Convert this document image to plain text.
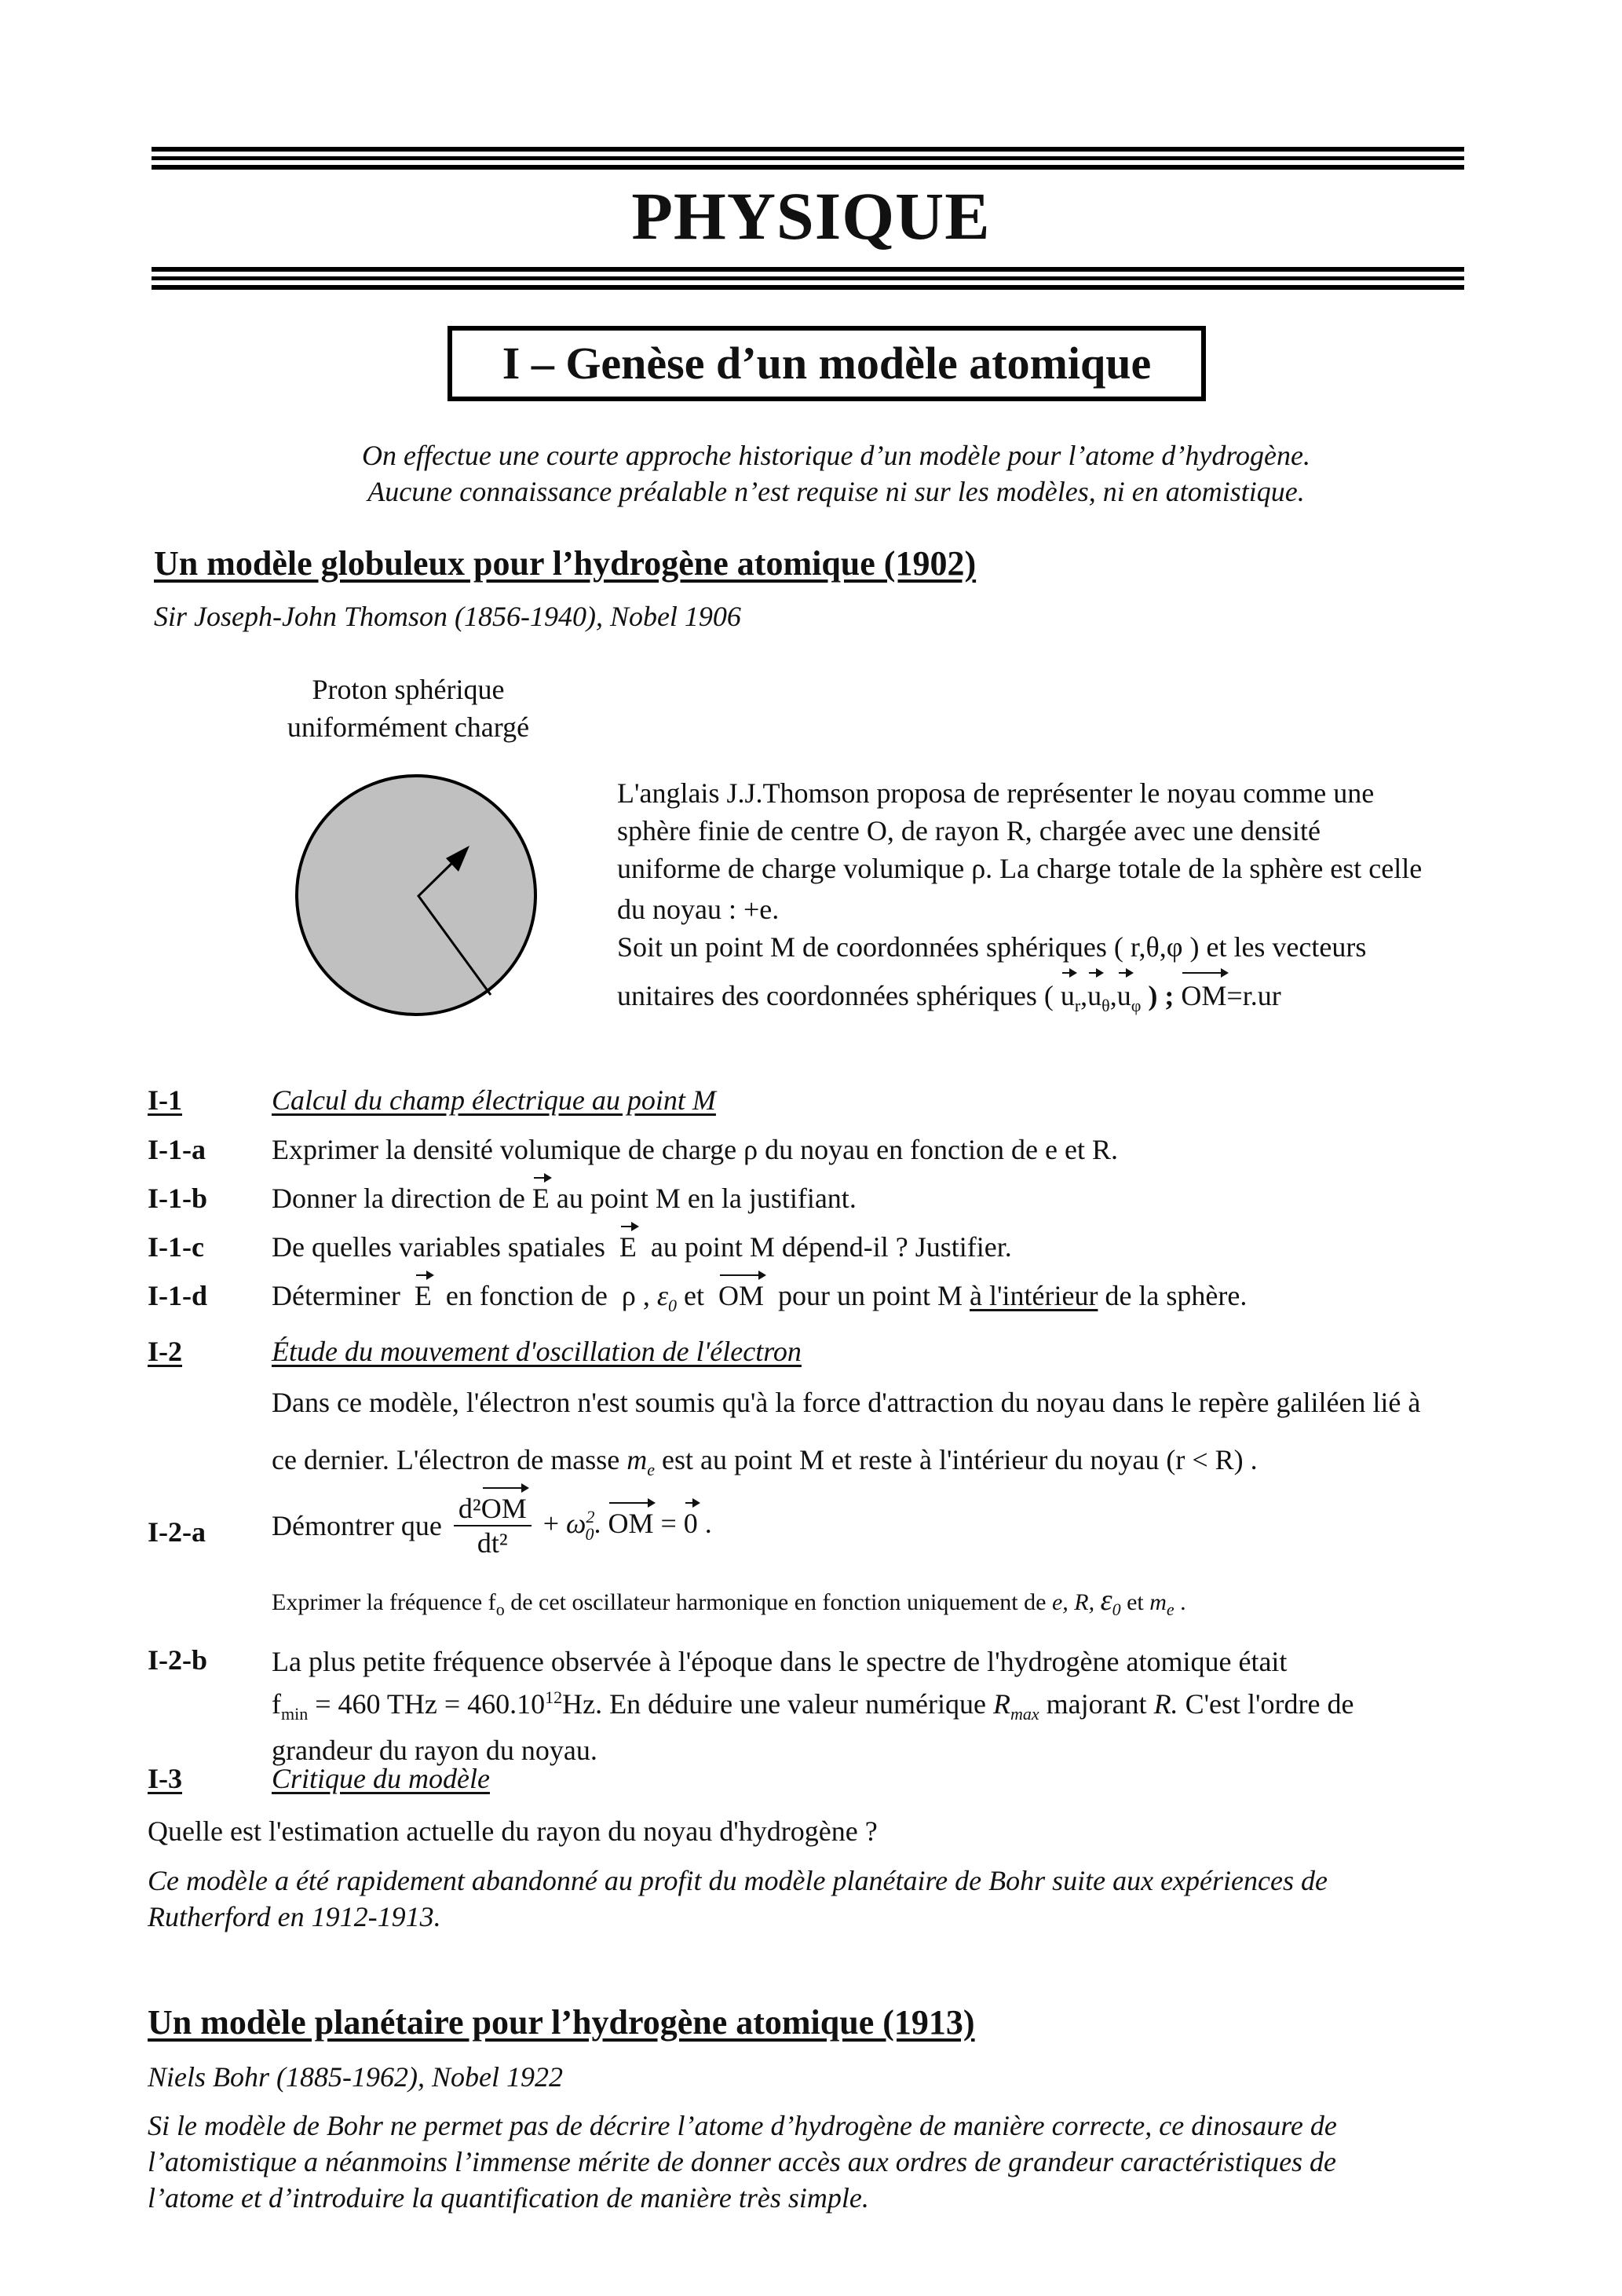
PHYSIQUE
I – Genèse d’un modèle atomique
On effectue une courte approche historique d’un modèle pour l’atome d’hydrogène.
Aucune connaissance préalable n’est requise ni sur les modèles, ni en atomistique.
Un modèle globuleux pour l’hydrogène atomique (1902)
Sir Joseph-John Thomson (1856-1940), Nobel 1906
Proton sphérique
uniformément chargé
L'anglais J.J.Thomson proposa de représenter le noyau comme une
sphère finie de centre O, de rayon R, chargée avec une densité
uniforme de charge volumique ρ. La charge totale de la sphère est celle
du noyau : +e.
Soit un point M de coordonnées sphériques ( r,θ,φ ) et les vecteurs
unitaires des coordonnées sphériques ( $u_r,u_\theta,u_\varphi$ ) ; OM=r.ur
I-1	Calcul du champ électrique au point M
I-1-a Exprimer la densité volumique de charge ρ du noyau en fonction de e et R.
I-1-b Donner la direction de E au point M en la justifiant.
I-1-c De quelles variables spatiales E au point M dépend-il ? Justifier.
I-1-d Déterminer E  en fonction de  ρ , $\varepsilon_0$ et OM pour un point M à l'intérieur de la sphère.
I-2	Étude du mouvement d'oscillation de l'électron
Dans ce modèle, l'électron n'est soumis qu'à la force d'attraction du noyau dans le repère galiléen lié à
ce dernier. L'électron de masse $m_e$ est au point M et reste à l'intérieur du noyau (r < R) .
I-2-a Démontrer que $\frac{\text{d²OM}}{\text{dt²}} + \omega^2_0$. OM = 0 .
Exprimer la fréquence $f_o$ de cet oscillateur harmonique en fonction uniquement de e, R, $\varepsilon_0$ et $m_e$ .
I-2-b La plus petite fréquence observée à l'époque dans le spectre de l'hydrogène atomique était
$f_{min} = 460$ THz = $460.10^{12}Hz$. En déduire une valeur numérique $R_{max}$ majorant R. C'est l'ordre de
grandeur du rayon du noyau.
I-3	Critique du modèle
Quelle est l'estimation actuelle du rayon du noyau d'hydrogène ?
Ce modèle a été rapidement abandonné au profit du modèle planétaire de Bohr suite aux expériences de
Rutherford en 1912-1913.
Un modèle planétaire pour l’hydrogène atomique (1913)
Niels Bohr (1885-1962), Nobel 1922
Si le modèle de Bohr ne permet pas de décrire l’atome d’hydrogène de manière correcte, ce dinosaure de
l’atomistique a néanmoins l’immense mérite de donner accès aux ordres de grandeur caractéristiques de
l’atome et d’introduire la quantification de manière très simple.
